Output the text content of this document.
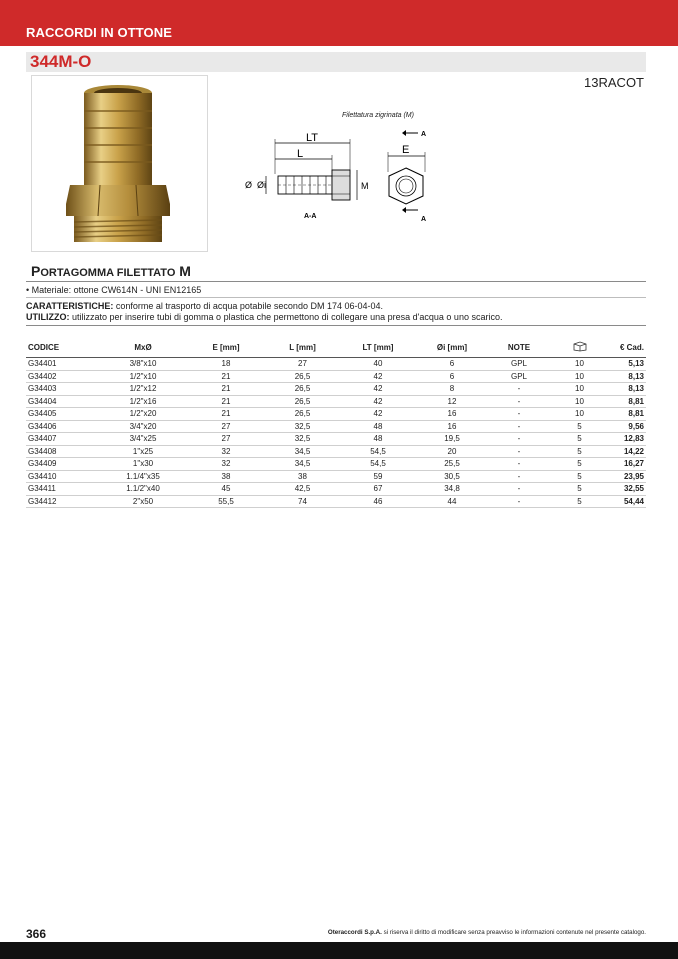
RACCORDI IN OTTONE
344M-O
13RACOT
Filettatura zigrinata (M)
LT
L
M
Ø Øi
A-A
A
E
A
PORTAGOMMA FILETTATO M
• Materiale: ottone CW614N - UNI EN12165
CARATTERISTICHE: conforme al trasporto di acqua potabile secondo DM 174 06-04-04.
UTILIZZO: utilizzato per inserire tubi di gomma o plastica che permettono di collegare una presa d'acqua o uno scarico.
CODICE	MxØ	E [mm]	L [mm]	LT [mm]	Øi [mm]	NOTE		€ Cad.
G34401	3/8"x10	18	27	40	6	GPL	10	5,13
G34402	1/2"x10	21	26,5	42	6	GPL	10	8,13
G34403	1/2"x12	21	26,5	42	8	-	10	8,13
G34404	1/2"x16	21	26,5	42	12	-	10	8,81
G34405	1/2"x20	21	26,5	42	16	-	10	8,81
G34406	3/4"x20	27	32,5	48	16	-	5	9,56
G34407	3/4"x25	27	32,5	48	19,5	-	5	12,83
G34408	1"x25	32	34,5	54,5	20	-	5	14,22
G34409	1"x30	32	34,5	54,5	25,5	-	5	16,27
G34410	1.1/4"x35	38	38	59	30,5	-	5	23,95
G34411	1.1/2"x40	45	42,5	67	34,8	-	5	32,55
G34412	2"x50	55,5	74	46	44	-	5	54,44
366	Oteraccordi S.p.A. si riserva il diritto di modificare senza preavviso le informazioni contenute nel presente catalogo.
